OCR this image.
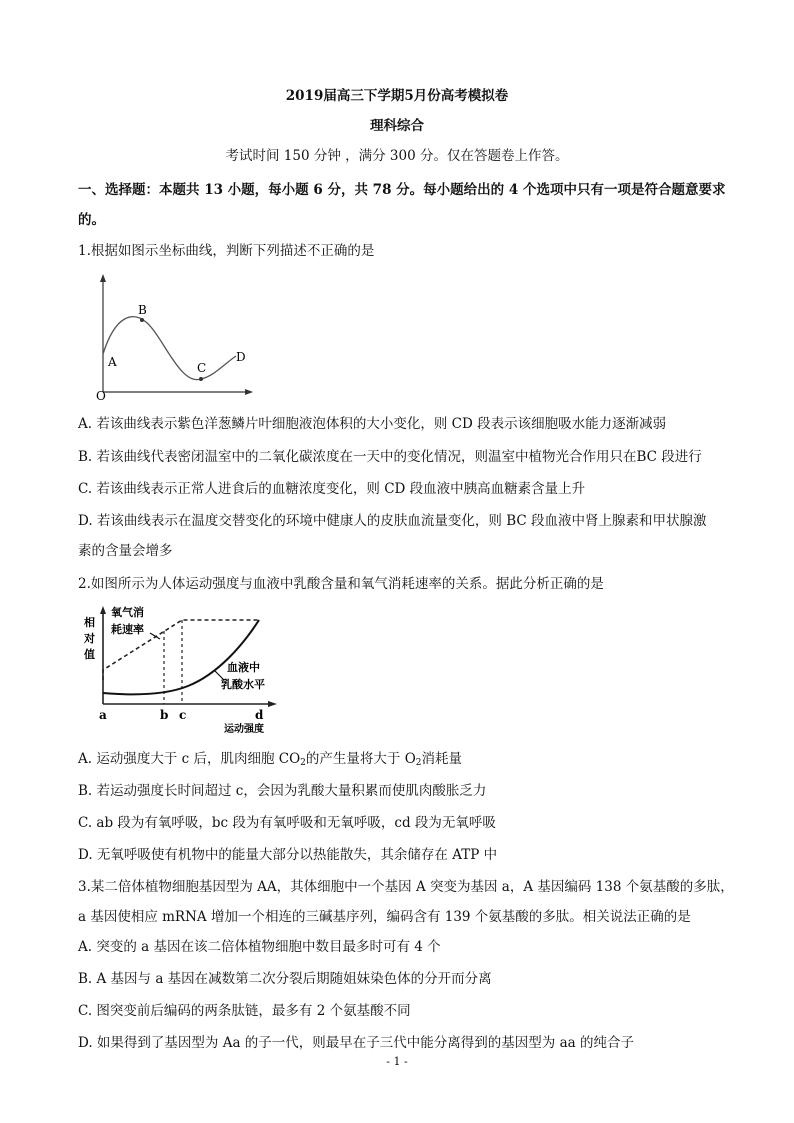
2019届高三下学期5月份高考模拟卷
理科综合
考试时间 150 分钟 ，满分 300 分。仅在答题卷上作答。
一、选择题：本题共 13 小题，每小题 6 分，共 78 分。每小题给出的 4 个选项中只有一项是符合题意要求
的。
1.根据如图示坐标曲线，判断下列描述不正确的是
O
A
B
C
D
A. 若该曲线表示紫色洋葱鳞片叶细胞液泡体积的大小变化，则 CD 段表示该细胞吸水能力逐渐减弱
B. 若该曲线代表密闭温室中的二氧化碳浓度在一天中的变化情况，则温室中植物光合作用只在BC 段进行
C. 若该曲线表示正常人进食后的血糖浓度变化，则 CD 段血液中胰高血糖素含量上升
D. 若该曲线表示在温度交替变化的环境中健康人的皮肤血流量变化，则 BC 段血液中肾上腺素和甲状腺激
素的含量会增多
2.如图所示为人体运动强度与血液中乳酸含量和氧气消耗速率的关系。据此分析正确的是
相
对
值
氧气消
耗速率
血液中
乳酸水平
a	b c	d
运动强度
A. 运动强度大于 c 后，肌肉细胞 $CO_2$的产生量将大于 $O_2$消耗量
B. 若运动强度长时间超过 c，会因为乳酸大量积累而使肌肉酸胀乏力
C. ab 段为有氧呼吸，bc 段为有氧呼吸和无氧呼吸，cd 段为无氧呼吸
D. 无氧呼吸使有机物中的能量大部分以热能散失，其余储存在 ATP 中
3.某二倍体植物细胞基因型为 AA，其体细胞中一个基因 A 突变为基因 a，A 基因编码 138 个氨基酸的多肽，
a 基因使相应 mRNA 增加一个相连的三碱基序列，编码含有 139 个氨基酸的多肽。相关说法正确的是
A. 突变的 a 基因在该二倍体植物细胞中数目最多时可有 4 个
B. A 基因与 a 基因在减数第二次分裂后期随姐妹染色体的分开而分离
C. 图突变前后编码的两条肽链，最多有 2 个氨基酸不同
D. 如果得到了基因型为 Aa 的子一代，则最早在子三代中能分离得到的基因型为 aa 的纯合子
- 1 -
